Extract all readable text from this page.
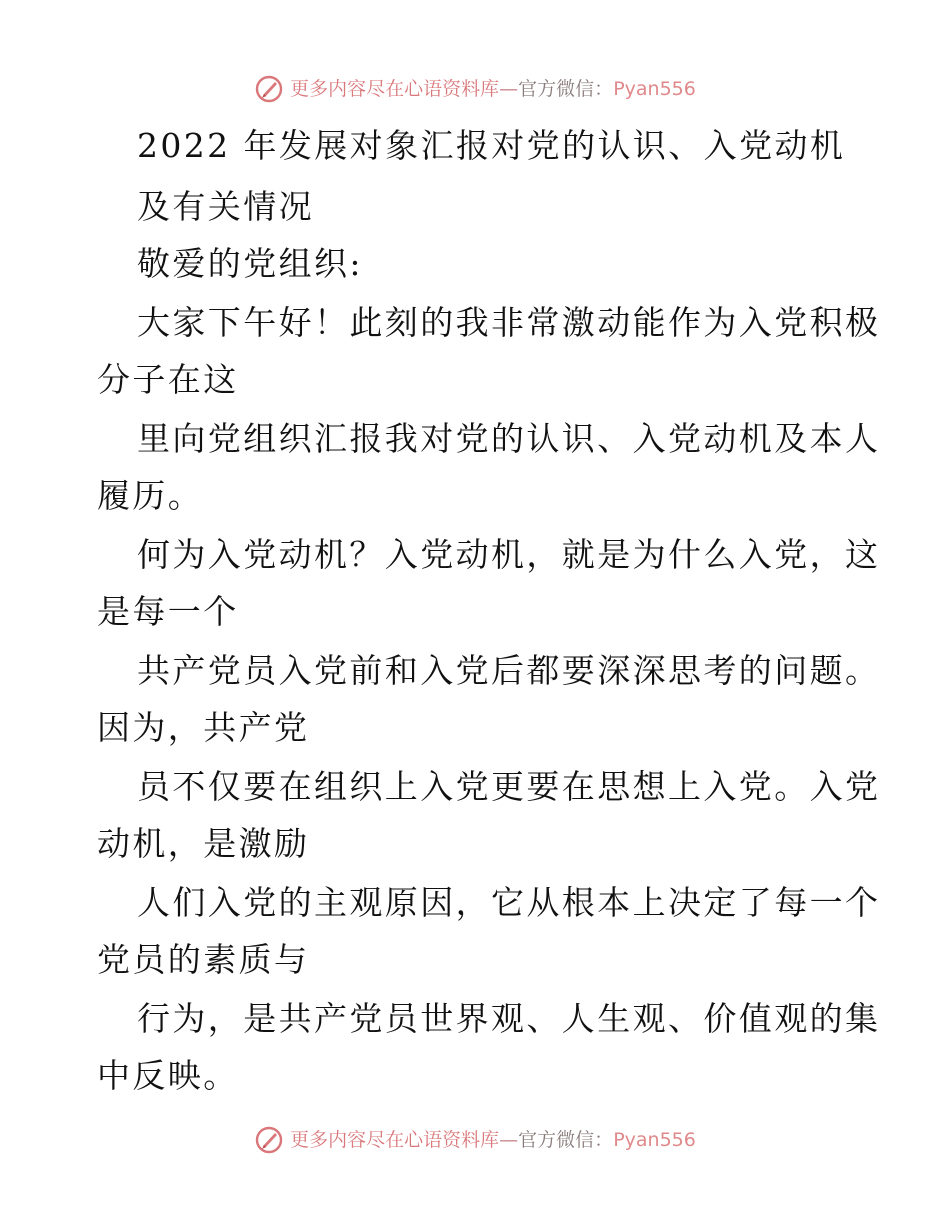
更多内容尽在心语资料库 — 官方微信： Pyan556
2022 年发展对象汇报对党的认识、入党动机
及有关情况
敬爱的党组织:
大家下午好！此刻的我非常激动能作为入党积极
分子在这
里向党组织汇报我对党的认识、入党动机及本人
履历。
何为入党动机？入党动机，就是为什么入党，这
是每一个
共产党员入党前和入党后都要深深思考的问题。
因为，共产党
员不仅要在组织上入党更要在思想上入党。入党
动机，是激励
人们入党的主观原因，它从根本上决定了每一个
党员的素质与
行为，是共产党员世界观、人生观、价值观的集
中反映。
更多内容尽在心语资料库 — 官方微信： Pyan556
